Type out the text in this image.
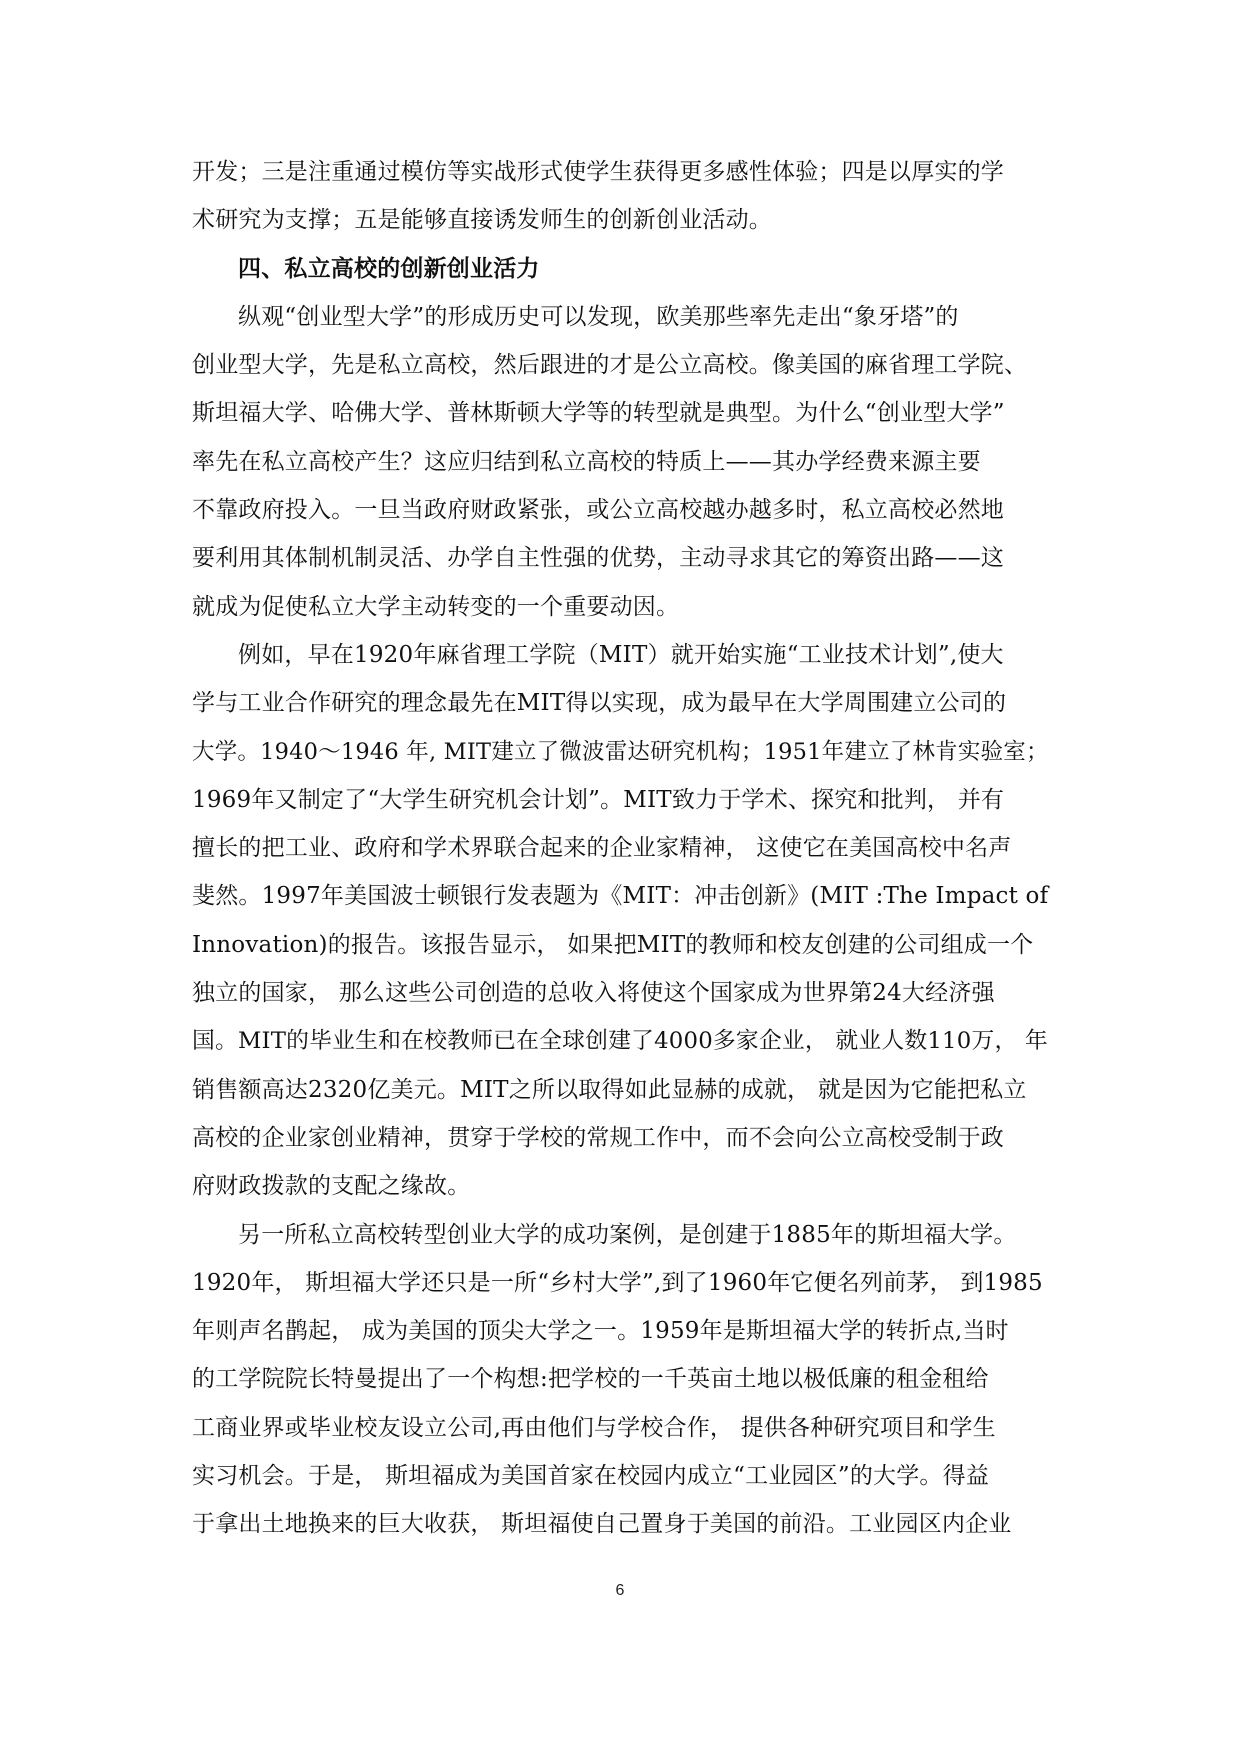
开发；三是注重通过模仿等实战形式使学生获得更多感性体验；四是以厚实的学
术研究为支撑；五是能够直接诱发师生的创新创业活动。
四、私立高校的创新创业活力
纵观“创业型大学”的形成历史可以发现，欧美那些率先走出“象牙塔”的
创业型大学，先是私立高校，然后跟进的才是公立高校。像美国的麻省理工学院、
斯坦福大学、哈佛大学、普林斯顿大学等的转型就是典型。为什么“创业型大学”
率先在私立高校产生？这应归结到私立高校的特质上——其办学经费来源主要
不靠政府投入。一旦当政府财政紧张，或公立高校越办越多时，私立高校必然地
要利用其体制机制灵活、办学自主性强的优势，主动寻求其它的筹资出路——这
就成为促使私立大学主动转变的一个重要动因。
例如，早在1920年麻省理工学院（MIT）就开始实施“工业技术计划”,使大
学与工业合作研究的理念最先在MIT得以实现，成为最早在大学周围建立公司的
大学。1940～1946 年, MIT建立了微波雷达研究机构；1951年建立了林肯实验室；
1969年又制定了“大学生研究机会计划”。MIT致力于学术、探究和批判， 并有
擅长的把工业、政府和学术界联合起来的企业家精神， 这使它在美国高校中名声
斐然。1997年美国波士顿银行发表题为《MIT：冲击创新》(MIT :The Impact of
Innovation)的报告。该报告显示， 如果把MIT的教师和校友创建的公司组成一个
独立的国家， 那么这些公司创造的总收入将使这个国家成为世界第24大经济强
国。MIT的毕业生和在校教师已在全球创建了4000多家企业， 就业人数110万， 年
销售额高达2320亿美元。MIT之所以取得如此显赫的成就， 就是因为它能把私立
高校的企业家创业精神，贯穿于学校的常规工作中，而不会向公立高校受制于政
府财政拨款的支配之缘故。
另一所私立高校转型创业大学的成功案例，是创建于1885年的斯坦福大学。
1920年， 斯坦福大学还只是一所“乡村大学”,到了1960年它便名列前茅， 到1985
年则声名鹊起， 成为美国的顶尖大学之一。1959年是斯坦福大学的转折点,当时
的工学院院长特曼提出了一个构想:把学校的一千英亩土地以极低廉的租金租给
工商业界或毕业校友设立公司,再由他们与学校合作， 提供各种研究项目和学生
实习机会。于是， 斯坦福成为美国首家在校园内成立“工业园区”的大学。得益
于拿出土地换来的巨大收获， 斯坦福使自己置身于美国的前沿。工业园区内企业
6
